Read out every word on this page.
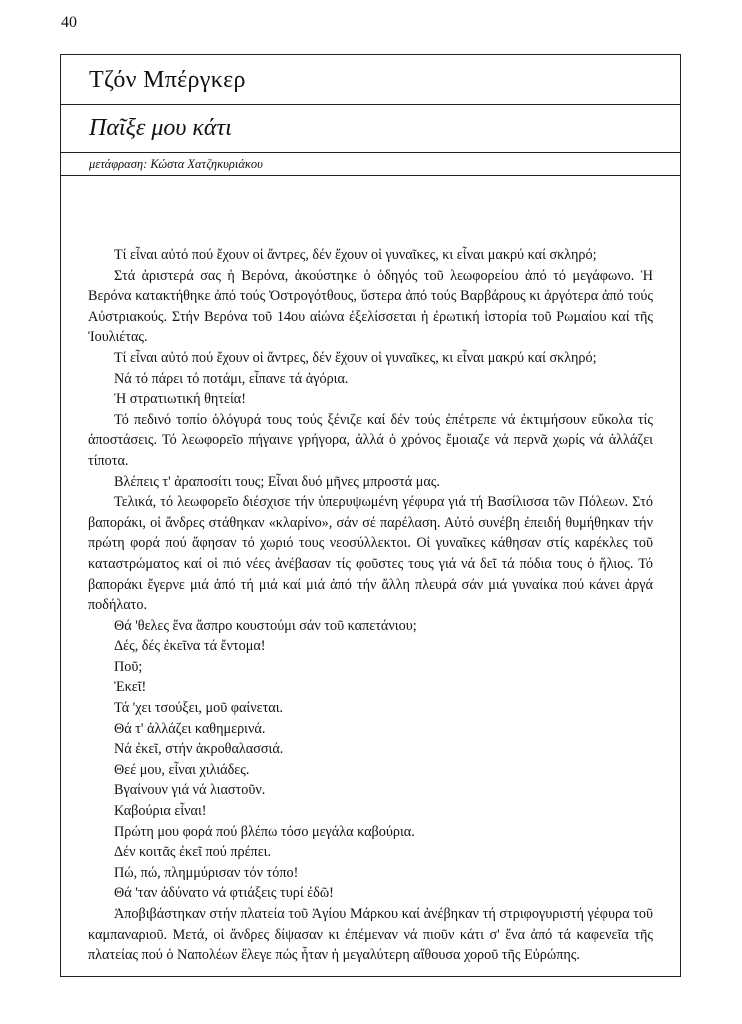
40
Τζόν Μπέργκερ
Παῖξε μου κάτι
μετάφραση: Κώστα Χατζηκυριάκου

Τί εἶναι αὐτό πού ἔχουν οἱ ἄντρες, δέν ἔχουν οἱ γυναῖκες, κι εἶναι μακρύ καί σκληρό;

Στά ἀριστερά σας ἡ Βερόνα, ἀκούστηκε ὁ ὁδηγός τοῦ λεωφορείου ἀπό τό μεγάφωνο. Ἡ Βερόνα κατακτήθηκε ἀπό τούς Ὀστρογότθους, ὕστερα ἀπό τούς Βαρβάρους κι ἀργότερα ἀπό τούς Αὐστριακούς. Στήν Βερόνα τοῦ 14ου αἰώνα ἐξελίσσεται ἡ ἐρωτική ἱστορία τοῦ Ρωμαίου καί τῆς Ἰουλιέτας.

Τί εἶναι αὐτό πού ἔχουν οἱ ἄντρες, δέν ἔχουν οἱ γυναῖκες, κι εἶναι μακρύ καί σκληρό;

Νά τό πάρει τό ποτάμι, εἶπανε τά ἀγόρια.

Ἡ στρατιωτική θητεία!

Τό πεδινό τοπίο ὁλόγυρά τους τούς ξένιζε καί δέν τούς ἐπέτρεπε νά ἐκτιμήσουν εὔκολα τίς ἀποστάσεις. Τό λεωφορεῖο πήγαινε γρήγορα, ἀλλά ὁ χρόνος ἔμοιαζε νά περνᾶ χωρίς νά ἀλλάζει τίποτα.

Βλέπεις τ' ἀραποσίτι τους; Εἶναι δυό μῆνες μπροστά μας.

Τελικά, τό λεωφορεῖο διέσχισε τήν ὑπερυψωμένη γέφυρα γιά τή Βασίλισσα τῶν Πόλεων. Στό βαπoράκι, οἱ ἄνδρες στάθηκαν «κλαρίνο», σάν σέ παρέλαση. Αὐτό συνέβη ἐπειδή θυμήθηκαν τήν πρώτη φορά πού ἄφησαν τό χωριό τους νεοσύλλεκτοι. Οἱ γυναῖκες κάθησαν στίς καρέκλες τοῦ καταστρώματος καί οἱ πιό νέες ἀνέβασαν τίς φοῦστες τους γιά νά δεῖ τά πόδια τους ὁ ἥλιος. Τό βαπoράκι ἔγερνε μιά ἀπό τή μιά καί μιά ἀπό τήν ἄλλη πλευρά σάν μιά γυναίκα πού κάνει ἀργά ποδήλατο.

Θά 'θελες ἕνα ἄσπρο κουστούμι σάν τοῦ καπετάνιου;

Δές, δές ἐκεῖνα τά ἔντομα!

Ποῦ;

Ἐκεῖ!

Τά 'χει τσούξει, μοῦ φαίνεται.

Θά τ' ἀλλάζει καθημερινά.

Νά ἐκεῖ, στήν ἀκροθαλασσιά.

Θεέ μου, εἶναι χιλιάδες.

Βγαίνουν γιά νά λιαστοῦν.

Καβούρια εἶναι!

Πρώτη μου φορά πού βλέπω τόσο μεγάλα καβούρια.

Δέν κοιτᾶς ἐκεῖ πού πρέπει.

Πώ, πώ, πλημμύρισαν τόν τόπο!

Θά 'ταν ἀδύνατο νά φτιάξεις τυρί ἐδῶ!

Ἀποβιβάστηκαν στήν πλατεία τοῦ Ἁγίου Μάρκου καί ἀνέβηκαν τή στριφογυριστή γέφυρα τοῦ καμπαναριοῦ. Μετά, οἱ ἄνδρες δίψασαν κι ἐπέμεναν νά πιοῦν κάτι σ' ἕνα ἀπό τά καφενεῖα τῆς πλατείας πού ὁ Ναπολέων ἔλεγε πώς ἦταν ἡ μεγαλύτερη αἴθουσα χοροῦ τῆς Εὐρώπης.
